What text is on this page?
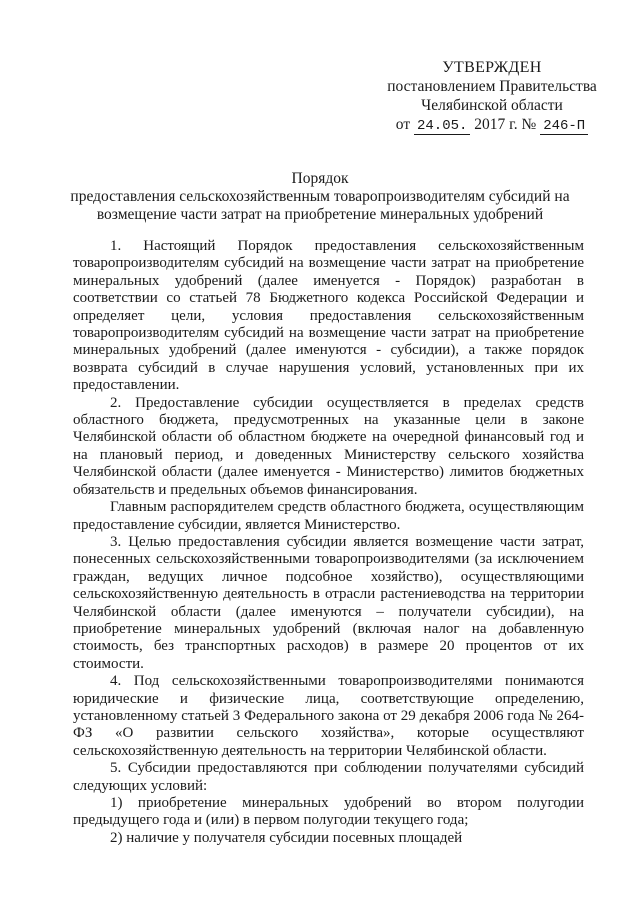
УТВЕРЖДЕН
постановлением Правительства
Челябинской области
от 24.05. 2017 г. № 246-П
Порядок
предоставления сельскохозяйственным товаропроизводителям субсидий на возмещение части затрат на приобретение минеральных удобрений

1. Настоящий Порядок предоставления сельскохозяйственным товаропроизводителям субсидий на возмещение части затрат на приобретение минеральных удобрений (далее именуется - Порядок) разработан в соответствии со статьей 78 Бюджетного кодекса Российской Федерации и определяет цели, условия предоставления сельскохозяйственным товаропроизводителям субсидий на возмещение части затрат на приобретение минеральных удобрений (далее именуются - субсидии), а также порядок возврата субсидий в случае нарушения условий, установленных при их предоставлении.

2. Предоставление субсидии осуществляется в пределах средств областного бюджета, предусмотренных на указанные цели в законе Челябинской области об областном бюджете на очередной финансовый год и на плановый период, и доведенных Министерству сельского хозяйства Челябинской области (далее именуется - Министерство) лимитов бюджетных обязательств и предельных объемов финансирования.

Главным распорядителем средств областного бюджета, осуществляющим предоставление субсидии, является Министерство.

3. Целью предоставления субсидии является возмещение части затрат, понесенных сельскохозяйственными товаропроизводителями (за исключением граждан, ведущих личное подсобное хозяйство), осуществляющими сельскохозяйственную деятельность в отрасли растениеводства на территории Челябинской области (далее именуются – получатели субсидии), на приобретение минеральных удобрений (включая налог на добавленную стоимость, без транспортных расходов) в размере 20 процентов от их стоимости.

4. Под сельскохозяйственными товаропроизводителями понимаются юридические и физические лица, соответствующие определению, установленному статьей 3 Федерального закона от 29 декабря 2006 года № 264-ФЗ «О развитии сельского хозяйства», которые осуществляют сельскохозяйственную деятельность на территории Челябинской области.

5. Субсидии предоставляются при соблюдении получателями субсидий следующих условий:

1) приобретение минеральных удобрений во втором полугодии предыдущего года и (или) в первом полугодии текущего года;

2) наличие у получателя субсидии посевных площадей
